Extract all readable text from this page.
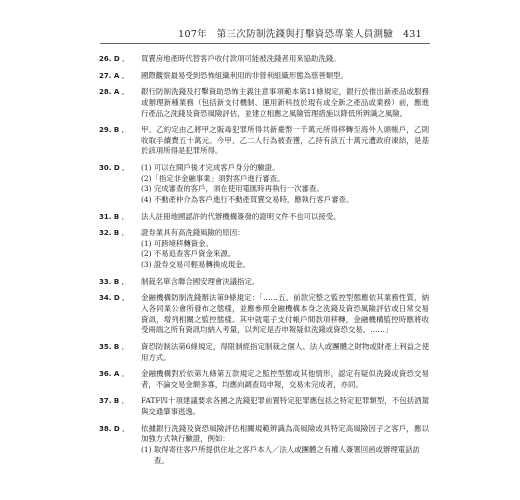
107年　第三次防制洗錢與打擊資恐專業人員測驗　431
26. D ．	買賣房地產時代替客戶收付款項可能被洗錢者用來協助洗錢。

27. A ．	國際觀察最易受到恐怖組織利用的非營利組織形態為慈善類型。

28. A ．	銀行防制洗錢及打擊資助恐怖主義注意事項範本第11條規定，銀行於推出新產品或服務或辦理新種業務（包括新支付機制、運用新科技於現有或全新之產品或業務）前，應進行產品之洗錢及資恐風險評估，並建立相應之風險管理措施以降低所辨識之風險。

29. B ．	甲、乙約定由乙將甲之販毒犯罪所得共新臺幣一千萬元所得移轉至海外人頭帳戶，乙則收取手續費五十萬元。今甲、乙二人行為被查獲，乙持有該五十萬元遭政府凍結，是基於該項所得是犯罪所得。

30. D ．	(1) 可以在開戶後才完成客戶身分的驗證。
(2)「指定非金融事業」須對客戶進行審查。
(3) 完成審查的客戶，須在使用電匯時再執行一次審查。
(4) 不動產仲介為客戶進行不動產買賣交易時，應執行客戶審查。
31. B ．	法人註冊地國認許的代辦機構簽發的證明文件不也可以接受。

32. B ．	證券業具有高洗錢風險的原因：

(1) 可跨境移轉資金。
(2) 不易追查客戶資金來源。
(3) 證券交易可輕易轉換成現金。
33. B ．	制裁名單含聯合國安理會決議指定。

34. D ．	金融機構防制洗錢辦法第9條規定：「……五、前款完整之監控型態應依其業務性質，納入各同業公會所發布之態樣，並應參照金融機構本身之洗錢及資恐風險評估或日常交易資訊，增列相關之監控態樣。其中就電子支付帳戶間款項移轉，金融機構監控時應將收受兩端之所有資訊均納入考量，以判定是否申報疑似洗錢或資恐交易。……」

35. B ．	資恐防制法第6條規定，得限制經指定制裁之個人、法人或團體之財物或財產上利益之使用方式。

36. A ．	金融機構對於依第九條第五款規定之監控型態或其他情形，認定有疑似洗錢或資恐交易者，不論交易金額多寡，均應向調查局申報，交易未完成者，亦同。

37. B ．	FATF四十項建議要求各國之洗錢犯罪前置特定犯罪應包括之特定犯罪類型，不包括酒駕與交通肇事逃逸。

38. D ．	依據銀行洗錢及資恐風險評估相關規範辨識為高風險或具特定高風險因子之客戶，應以加強方式執行驗證，例如：

(1) 取得寄往客戶所提供住址之客戶本人／法人或團體之有權人簽署回函或辦理電話訪查。
